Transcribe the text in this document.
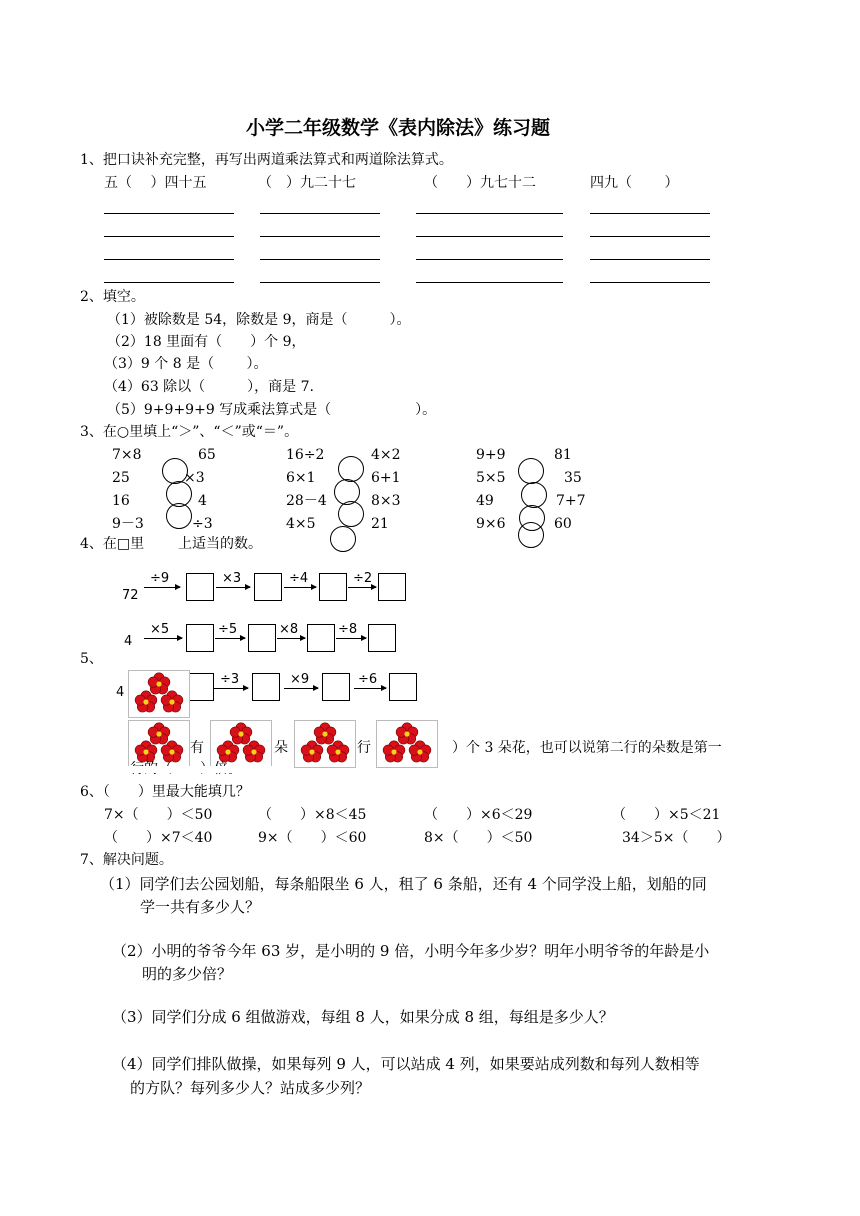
小学二年级数学《表内除法》练习题
1、把口诀补充完整，再写出两道乘法算式和两道除法算式。
五（　 ）四十五	（　）九二十七	（　　）九七十二	四九（　　 ）
2、填空。
（1）被除数是 54，除数是 9，商是（　　　）。
（2）18 里面有（　　）个 9，
（3）9 个 8 是（　　 ）。
（4）63 除以（　　　），商是 7.
（5）9+9+9+9 写成乘法算式是（　　　　　　）。
3、在○里填上“＞”、“＜”或“＝”。
7×8	65	16÷2	4×2	9+9	81
25	×3	6×1	6+1	5×5	35
16	4	28－4	8×3	49	7+7
9－3	÷3	4×5	21	9×6	60
4、在□里 上适当的数。
72
÷9	×3	÷4	÷2
4
×5	÷5	×8	÷8
5、
4
÷3	×9	÷6
有	朵	行	）个 3 朵花，也可以说第二行的朵数是第一
6、（　　）里最大能填几？
7×（　　）＜50	（　　）×8＜45	（　　）×6＜29	（　　）×5＜21
（　　）×7＜40	9×（　　）＜60	8×（　　）＜50	34＞5×（　　）
7、解决问题。
（1）同学们去公园划船，每条船限坐 6 人，租了 6 条船，还有 4 个同学没上船，划船的同
学一共有多少人？
（2）小明的爷爷今年 63 岁，是小明的 9 倍，小明今年多少岁？明年小明爷爷的年龄是小
明的多少倍？
（3）同学们分成 6 组做游戏，每组 8 人，如果分成 8 组，每组是多少人？
（4）同学们排队做操，如果每列 9 人，可以站成 4 列，如果要站成列数和每列人数相等
的方队？每列多少人？站成多少列？
